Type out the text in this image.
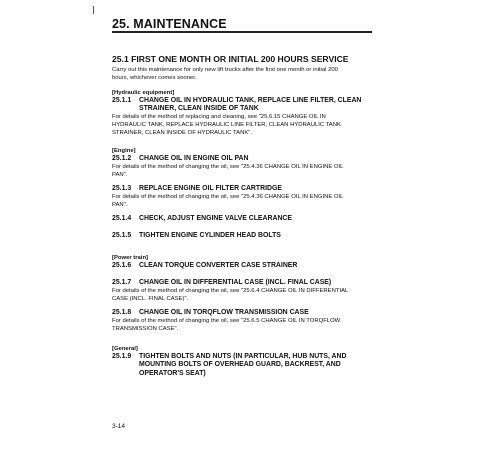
25. MAINTENANCE
25.1 FIRST ONE MONTH OR INITIAL 200 HOURS SERVICE
Carry out this maintenance for only new lift trucks after the first one month or initial 200
hours, whichever comes sooner.
[Hydraulic equipment]
25.1.1 CHANGE OIL IN HYDRAULIC TANK, REPLACE LINE FILTER, CLEAN
STRAINER, CLEAN INSIDE OF TANK
For details of the method of replacing and cleaning, see "25.6.15 CHANGE OIL IN
HYDRAULIC TANK, REPLACE HYDRAULIC LINE FILTER, CLEAN HYDRAULIC TANK
STRAINER, CLEAN INSIDE OF HYDRAULIC TANK".
[Engine]
25.1.2 CHANGE OIL IN ENGINE OIL PAN
For details of the method of changing the oil, see "25.4.36 CHANGE OIL IN ENGINE OIL
PAN".
25.1.3 REPLACE ENGINE OIL FILTER CARTRIDGE
For details of the method of changing the oil, see "25.4.36 CHANGE OIL IN ENGINE OIL
PAN".
25.1.4 CHECK, ADJUST ENGINE VALVE CLEARANCE
25.1.5 TIGHTEN ENGINE CYLINDER HEAD BOLTS
[Power train]
25.1.6 CLEAN TORQUE CONVERTER CASE STRAINER
25.1.7 CHANGE OIL IN DIFFERENTIAL CASE (INCL. FINAL CASE)
For details of the method of changing the oil, see "25.6.4 CHANGE OIL IN DIFFERENTIAL
CASE (INCL. FINAL CASE)".
25.1.8 CHANGE OIL IN TORQFLOW TRANSMISSION CASE
For details of the method of changing the oil, see "25.6.5 CHANGE OIL IN TORQFLOW
TRANSMISSION CASE".
[General]
25.1.9 TIGHTEN BOLTS AND NUTS (IN PARTICULAR, HUB NUTS, AND
MOUNTING BOLTS OF OVERHEAD GUARD, BACKREST, AND
OPERATOR'S SEAT)
3-14
